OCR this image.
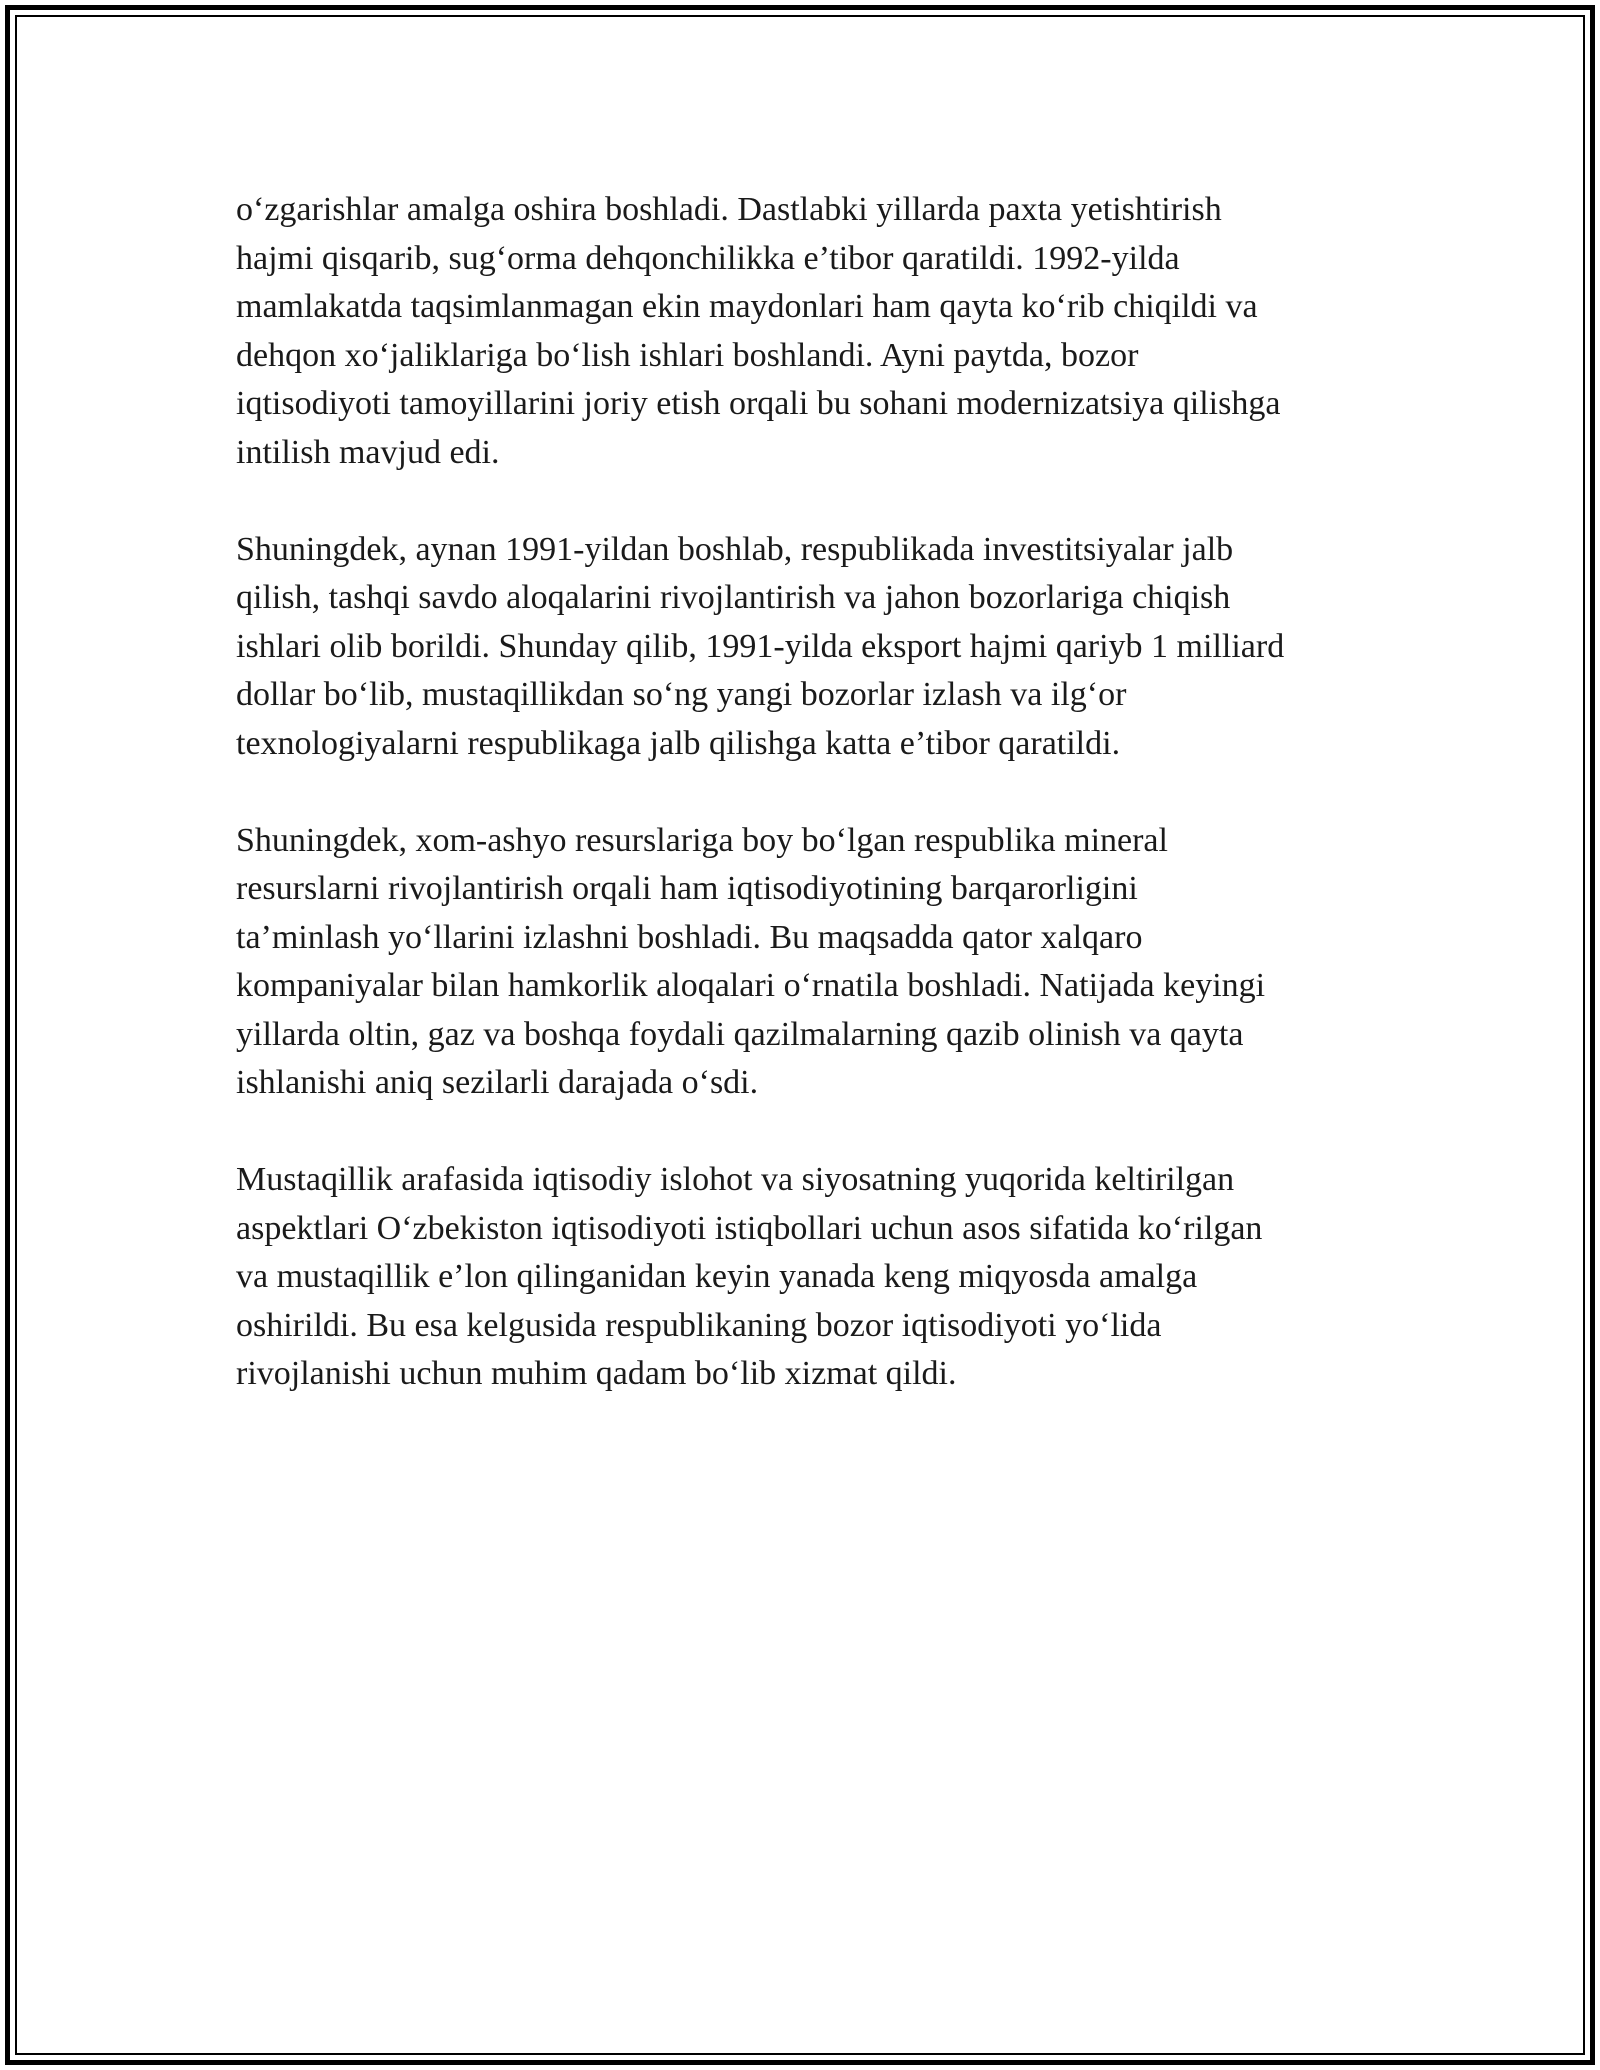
o‘zgarishlar amalga oshira boshladi. Dastlabki yillarda paxta yetishtirish
hajmi qisqarib, sug‘orma dehqonchilikka e’tibor qaratildi. 1992-yilda
mamlakatda taqsimlanmagan ekin maydonlari ham qayta ko‘rib chiqildi va
dehqon xo‘jaliklariga bo‘lish ishlari boshlandi. Ayni paytda, bozor
iqtisodiyoti tamoyillarini joriy etish orqali bu sohani modernizatsiya qilishga
intilish mavjud edi.

Shuningdek, aynan 1991-yildan boshlab, respublikada investitsiyalar jalb
qilish, tashqi savdo aloqalarini rivojlantirish va jahon bozorlariga chiqish
ishlari olib borildi. Shunday qilib, 1991-yilda eksport hajmi qariyb 1 milliard
dollar bo‘lib, mustaqillikdan so‘ng yangi bozorlar izlash va ilg‘or
texnologiyalarni respublikaga jalb qilishga katta e’tibor qaratildi.

Shuningdek, xom-ashyo resurslariga boy bo‘lgan respublika mineral
resurslarni rivojlantirish orqali ham iqtisodiyotining barqarorligini
ta’minlash yo‘llarini izlashni boshladi. Bu maqsadda qator xalqaro
kompaniyalar bilan hamkorlik aloqalari o‘rnatila boshladi. Natijada keyingi
yillarda oltin, gaz va boshqa foydali qazilmalarning qazib olinish va qayta
ishlanishi aniq sezilarli darajada o‘sdi.

Mustaqillik arafasida iqtisodiy islohot va siyosatning yuqorida keltirilgan
aspektlari O‘zbekiston iqtisodiyoti istiqbollari uchun asos sifatida ko‘rilgan
va mustaqillik e’lon qilinganidan keyin yanada keng miqyosda amalga
oshirildi. Bu esa kelgusida respublikaning bozor iqtisodiyoti yo‘lida
rivojlanishi uchun muhim qadam bo‘lib xizmat qildi.
